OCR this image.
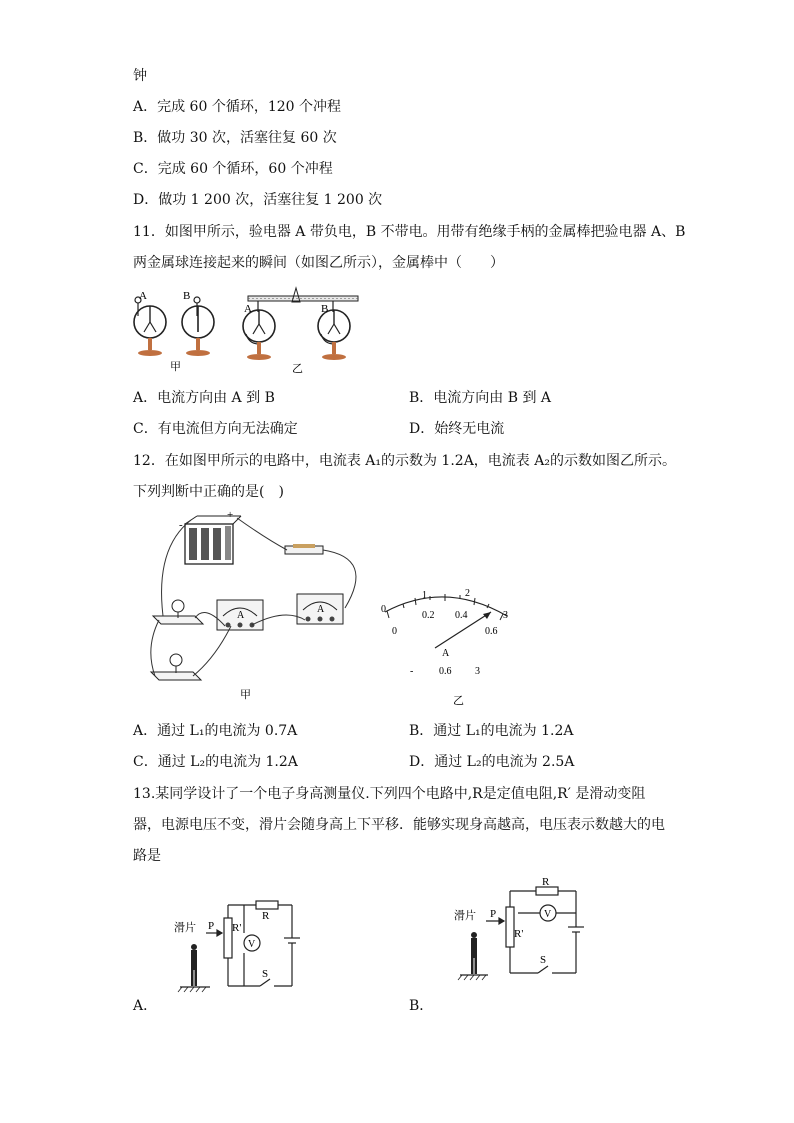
钟
A．完成 60 个循环，120 个冲程
B．做功 30 次，活塞往复 60 次
C．完成 60 个循环，60 个冲程
D．做功 1 200 次，活塞往复 1 200 次
11．如图甲所示，验电器 A 带负电，B 不带电。用带有绝缘手柄的金属棒把验电器 A、B
两金属球连接起来的瞬间（如图乙所示），金属棒中（　　）
A	B
甲
A	B
乙
A．电流方向由 A 到 B	B．电流方向由 B 到 A
C．有电流但方向无法确定	D．始终无电流
12．在如图甲所示的电路中，电流表 A₁的示数为 1.2A，电流表 A₂的示数如图乙所示。
下列判断中正确的是(　)
-
+
A
A
甲
0
1	2
3
0
0.2 0.4
0.6
A
-	0.6 3
乙
A．通过 L₁的电流为 0.7A	B．通过 L₁的电流为 1.2A
C．通过 L₂的电流为 1.2A	D．通过 L₂的电流为 2.5A
13.某同学设计了一个电子身高测量仪.下列四个电路中,R是定值电阻,R′ 是滑动变阻
器，电源电压不变，滑片会随身高上下平移．能够实现身高越高，电压表示数越大的电
路是
滑片 P R'
R
V
S
A．
滑片 P
R'
R
V
S
B．
